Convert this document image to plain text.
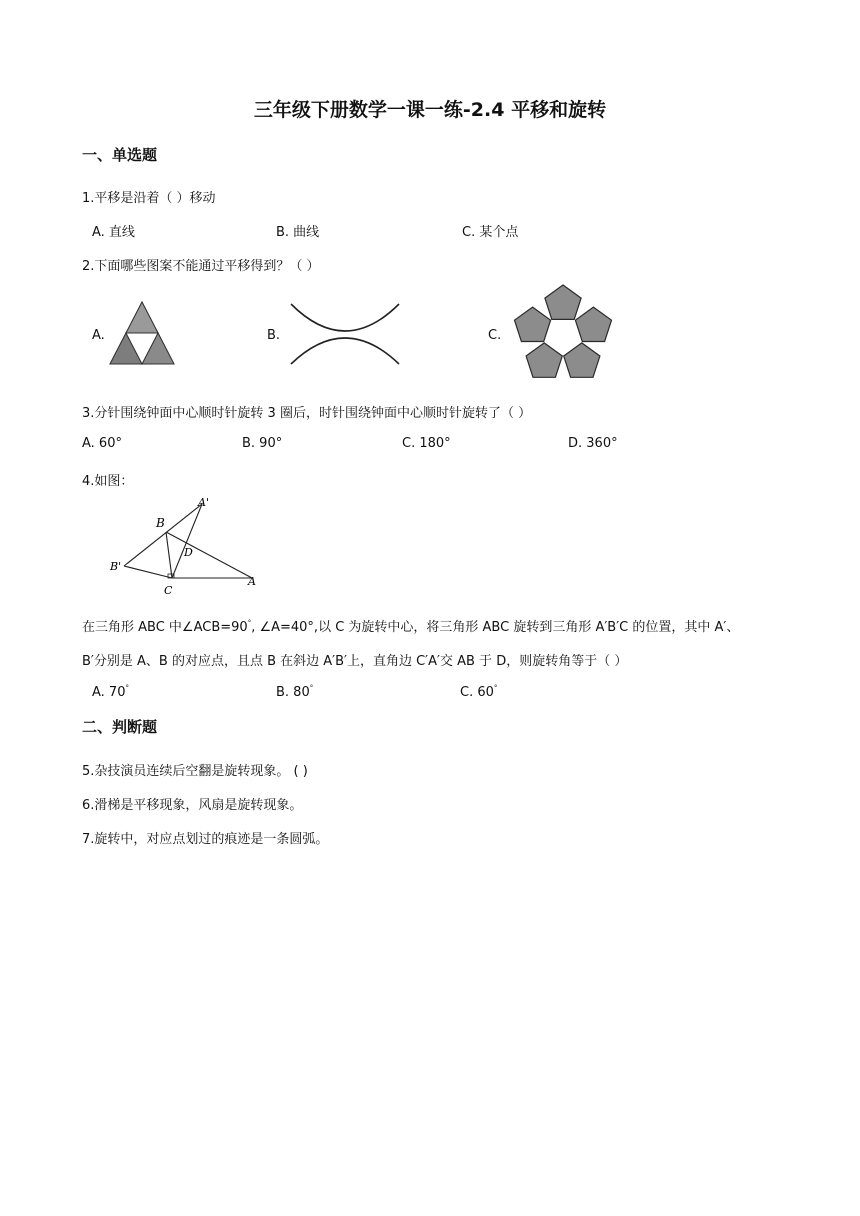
三年级下册数学一课一练-2.4 平移和旋转
一、单选题
1.平移是沿着（ ）移动
A. 直线	B. 曲线	C. 某个点
2.下面哪些图案不能通过平移得到？（ ）
A.	B.	C.
3.分针围绕钟面中心顺时针旋转 3 圈后，时针围绕钟面中心顺时针旋转了（ ）
A. 60°	B. 90°	C. 180°	D. 360°
4.如图：
A'
B
D
B'
C
A
在三角形 ABC 中∠ACB=90°, ∠A=40°,以 C 为旋转中心，将三角形 ABC 旋转到三角形 A′B′C 的位置，其中 A′、
B′分别是 A、B 的对应点，且点 B 在斜边 A′B′上，直角边 C′A′交 AB 于 D，则旋转角等于（ ）
A. 70°	B. 80°	C. 60°
二、判断题
5.杂技演员连续后空翻是旋转现象。 ( )
6.滑梯是平移现象，风扇是旋转现象。
7.旋转中，对应点划过的痕迹是一条圆弧。
